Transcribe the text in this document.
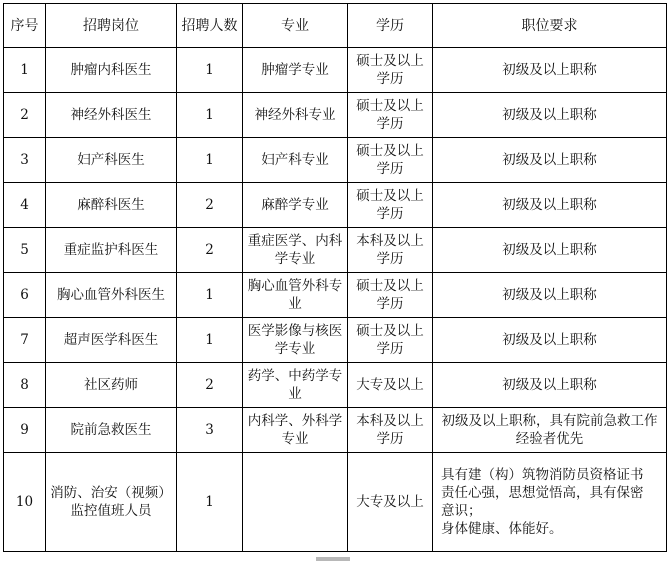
序号	招聘岗位	招聘人数	专业	学历	职位要求
1	肿瘤内科医生	1	肿瘤学专业	硕士及以上学历	初级及以上职称
2	神经外科医生	1	神经外科专业	硕士及以上学历	初级及以上职称
3	妇产科医生	1	妇产科专业	硕士及以上学历	初级及以上职称
4	麻醉科医生	2	麻醉学专业	硕士及以上学历	初级及以上职称
5	重症监护科医生	2	重症医学、内科学专业	本科及以上学历	初级及以上职称
6	胸心血管外科医生	1	胸心血管外科专业	硕士及以上学历	初级及以上职称
7	超声医学科医生	1	医学影像与核医学专业	硕士及以上学历	初级及以上职称
8	社区药师	2	药学、中药学专业	大专及以上	初级及以上职称
9	院前急救医生	3	内科学、外科学专业	本科及以上学历	初级及以上职称，具有院前急救工作经验者优先
10	消防、治安（视频）监控值班人员	1		大专及以上	具有建（构）筑物消防员资格证书
责任心强，思想觉悟高，具有保密
意识；
身体健康、体能好。
